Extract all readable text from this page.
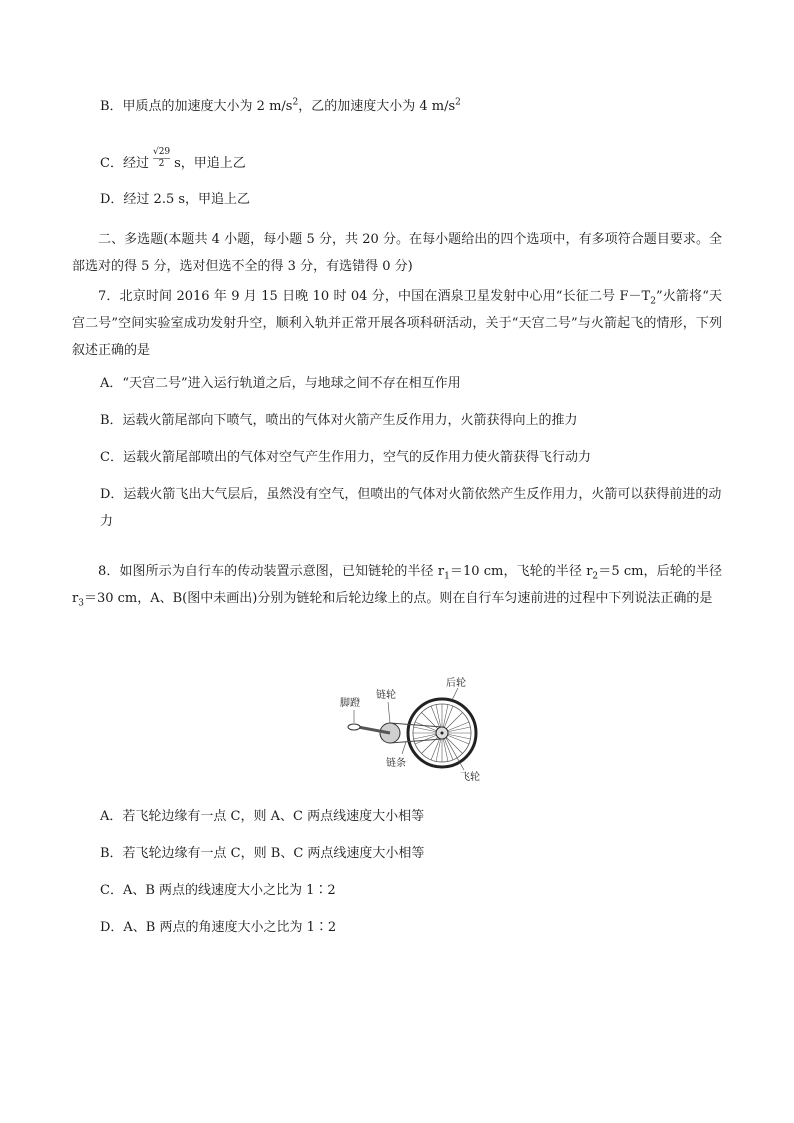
B．甲质点的加速度大小为 2 $m/s^2$，乙的加速度大小为 4 $m/s^2$
C．经过 $\frac{√29}{2}$ s，甲追上乙
D．经过 2.5 s，甲追上乙
二、多选题(本题共 4 小题，每小题 5 分，共 20 分。在每小题给出的四个选项中，有多项符合题目要求。全部选对的得 5 分，选对但选不全的得 3 分，有选错得 0 分)
7．北京时间 2016 年 9 月 15 日晚 10 时 04 分，中国在酒泉卫星发射中心用“长征二号 $F-T_2$”火箭将“天宫二号”空间实验室成功发射升空，顺利入轨并正常开展各项科研活动，关于“天宫二号”与火箭起飞的情形，下列叙述正确的是
A．“天宫二号”进入运行轨道之后，与地球之间不存在相互作用
B．运载火箭尾部向下喷气，喷出的气体对火箭产生反作用力，火箭获得向上的推力
C．运载火箭尾部喷出的气体对空气产生作用力，空气的反作用力使火箭获得飞行动力
D．运载火箭飞出大气层后，虽然没有空气，但喷出的气体对火箭依然产生反作用力，火箭可以获得前进的动力
8．如图所示为自行车的传动装置示意图，已知链轮的半径 $r_1=10$ cm，飞轮的半径 $r_2=5$ cm，后轮的半径 $r_3=30$ cm，A、B(图中未画出)分别为链轮和后轮边缘上的点。则在自行车匀速前进的过程中下列说法正确的是
脚蹬
链轮
后轮
链条
飞轮
A．若飞轮边缘有一点 C，则 A、C 两点线速度大小相等
B．若飞轮边缘有一点 C，则 B、C 两点线速度大小相等
C．A、B 两点的线速度大小之比为 1∶2
D．A、B 两点的角速度大小之比为 1∶2
